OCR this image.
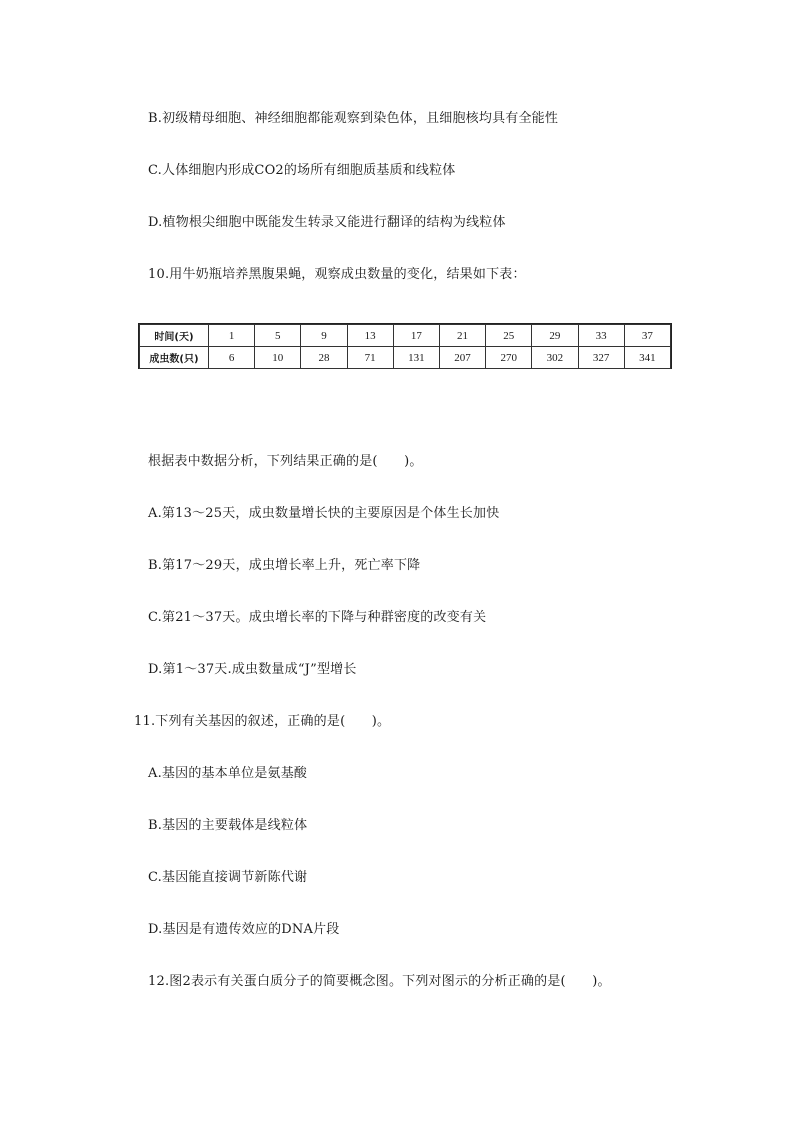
B.初级精母细胞、神经细胞都能观察到染色体，且细胞核均具有全能性
C.人体细胞内形成CO2的场所有细胞质基质和线粒体
D.植物根尖细胞中既能发生转录又能进行翻译的结构为线粒体
10.用牛奶瓶培养黑腹果蝇，观察成虫数量的变化，结果如下表：
时间(天)	1	5	9	13	17	21	25	29	33	37
成虫数(只)	6	10	28	71	131	207	270	302	327	341
根据表中数据分析，下列结果正确的是(　　)。
A.第13～25天，成虫数量增长快的主要原因是个体生长加快
B.第17～29天，成虫增长率上升，死亡率下降
C.第21～37天。成虫增长率的下降与种群密度的改变有关
D.第1～37天.成虫数量成“J”型增长
11.下列有关基因的叙述，正确的是(　　)。
A.基因的基本单位是氨基酸
B.基因的主要载体是线粒体
C.基因能直接调节新陈代谢
D.基因是有遗传效应的DNA片段
12.图2表示有关蛋白质分子的简要概念图。下列对图示的分析正确的是(　　)。
